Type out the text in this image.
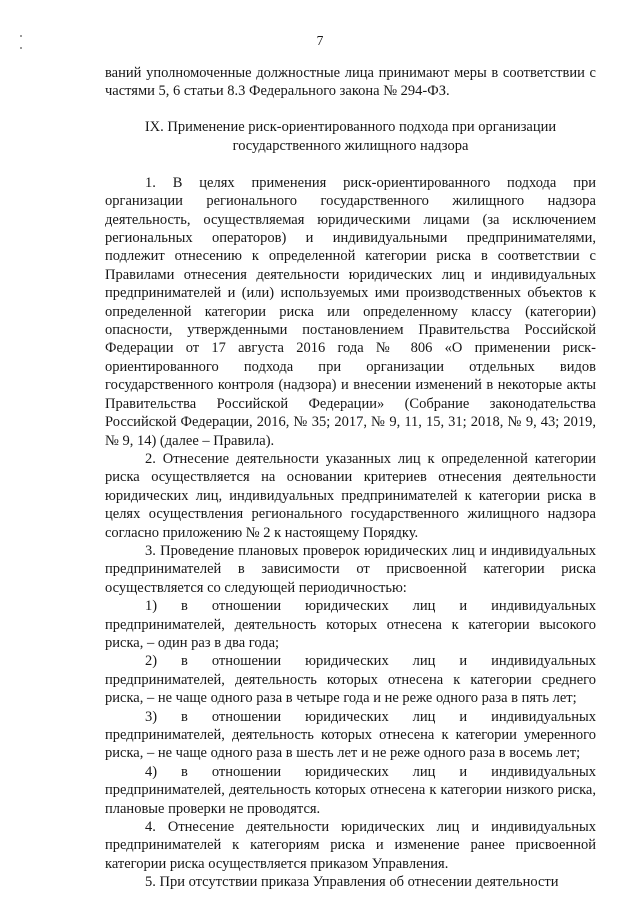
7

ваний уполномоченные должностные лица принимают меры в соответствии с частями 5, 6 статьи 8.3 Федерального закона № 294-ФЗ.

IX. Применение риск-ориентированного подхода при организации
государственного жилищного надзора

1. В целях применения риск-ориентированного подхода при организации регионального государственного жилищного надзора деятельность, осуществляемая юридическими лицами (за исключением региональных операторов) и индивидуальными предпринимателями, подлежит отнесению к определенной категории риска в соответствии с Правилами отнесения деятельности юридических лиц и индивидуальных предпринимателей и (или) используемых ими производственных объектов к определенной категории риска или определенному классу (категории) опасности, утвержденными постановлением Правительства Российской Федерации от 17 августа 2016 года № 806 «О применении риск-ориентированного подхода при организации отдельных видов государственного контроля (надзора) и внесении изменений в некоторые акты Правительства Российской Федерации» (Собрание законодательства Российской Федерации, 2016, № 35; 2017, № 9, 11, 15, 31; 2018, № 9, 43; 2019, № 9, 14) (далее – Правила).

2. Отнесение деятельности указанных лиц к определенной категории риска осуществляется на основании критериев отнесения деятельности юридических лиц, индивидуальных предпринимателей к категории риска в целях осуществления регионального государственного жилищного надзора согласно приложению № 2 к настоящему Порядку.

3. Проведение плановых проверок юридических лиц и индивидуальных предпринимателей в зависимости от присвоенной категории риска осуществляется со следующей периодичностью:

1) в отношении юридических лиц и индивидуальных предпринимателей, деятельность которых отнесена к категории высокого риска, – один раз в два года;

2) в отношении юридических лиц и индивидуальных предпринимателей, деятельность которых отнесена к категории среднего риска, – не чаще одного раза в четыре года и не реже одного раза в пять лет;

3) в отношении юридических лиц и индивидуальных предпринимателей, деятельность которых отнесена к категории умеренного риска, – не чаще одного раза в шесть лет и не реже одного раза в восемь лет;

4) в отношении юридических лиц и индивидуальных предпринимателей, деятельность которых отнесена к категории низкого риска, плановые проверки не проводятся.

4. Отнесение деятельности юридических лиц и индивидуальных предпринимателей к категориям риска и изменение ранее присвоенной категории риска осуществляется приказом Управления.

5. При отсутствии приказа Управления об отнесении деятельности
